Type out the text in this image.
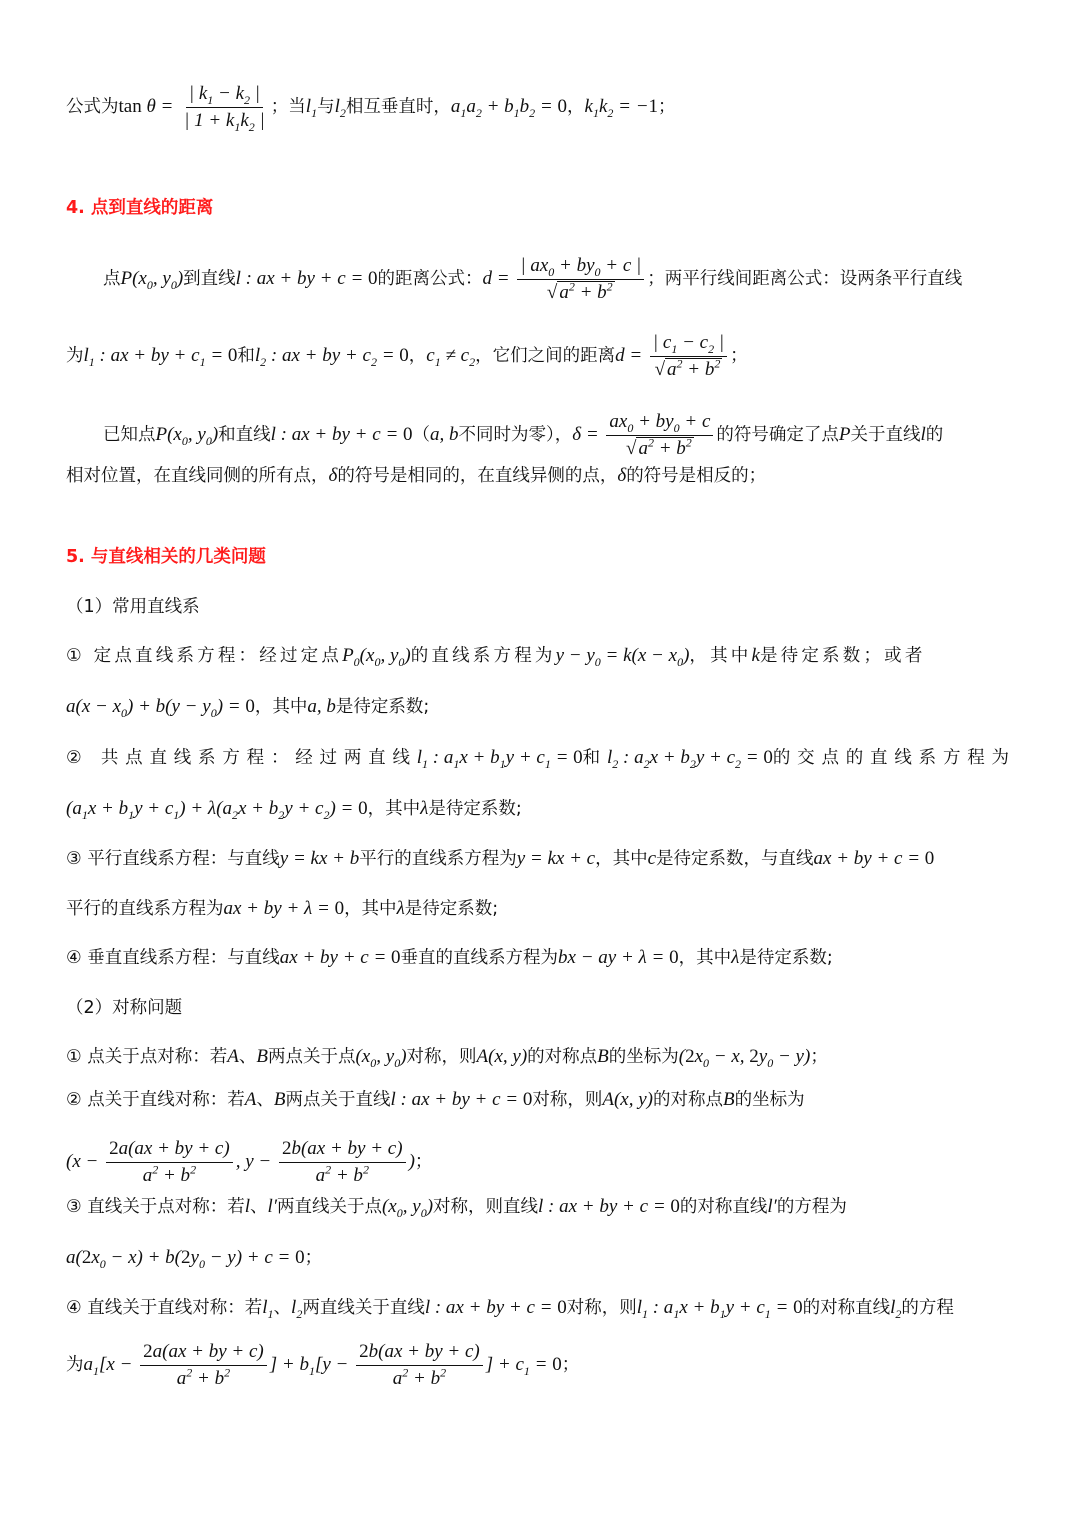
公式为$\tan \theta = \frac{| k_1 - k_2 |}{| 1 + k_1k_2 |}$ ；当$l_1$与$l_2$相互垂直时，$a_1a_2 + b_1b_2 = 0$，$k_1k_2 = -1$；
4. 点到直线的距离
点$P(x_0$, $y_0$)到直线l : ax + by + c = 0的距离公式：$d = \frac{| ax_0 + by_0 + c |}{√ a^2 + b^2}$ ；两平行线间距离公式：设两条平行直线
为$l_1$ : ax + by + $c_1 = 0$和$l_2$ : ax + by + $c_2 = 0$，$c_1 \ne c_2$，它们之间的距离$d = \frac{| c_1 - c_2 |}{√ a^2 + b^2}$ ；
已知点$P(x_0$, $y_0$)和直线l : ax + by + c = 0（a, b不同时为零），$\delta = \frac{ax_0 + by_0 + c}{√ a^2 + b^2}$ 的符号确定了点P关于直线l的
相对位置，在直线同侧的所有点，δ的符号是相同的，在直线异侧的点，δ的符号是相反的；
5. 与直线相关的几类问题
（1）常用直线系
① 定点直线系方程：经过定点$P_0(x_0$, $y_0$)的直线系方程为$y - y_0 = k(x - x_0)$，其中k是待定系数；或者
$a(x - x_0) + b(y - y_0) = 0$，其中a, b是待定系数;
② 共点直线系方程：经过两直线$l_1$ : $a_1x + b_1y + c_1 = 0$和$l_2$ : $a_2x + b_2y + c_2 = 0$的交点的直线系方程为
$(a_1x + b_1y + c_1) + \lambda(a_2x + b_2y + c_2) = 0$，其中λ是待定系数;
③ 平行直线系方程：与直线y = kx + b平行的直线系方程为y = kx + c，其中c是待定系数，与直线ax + by + c = 0
平行的直线系方程为ax + by + λ = 0，其中λ是待定系数;
④ 垂直直线系方程：与直线ax + by + c = 0垂直的直线系方程为bx − ay + λ = 0，其中λ是待定系数;
（2）对称问题
① 点关于点对称：若A、B两点关于点($x_0$, $y_0$)对称，则A(x, y)的对称点B的坐标为($2x_0 - x$, $2y_0 - y$)；
② 点关于直线对称：若A、B两点关于直线l : ax + by + c = 0对称，则A(x, y)的对称点B的坐标为
($x - \frac{2a(ax + by + c)}{a^2 + b^2}$ , $y - \frac{2b(ax + by + c)}{a^2 + b^2}$ )；
③ 直线关于点对称：若l、l′两直线关于点($x_0$, $y_0$)对称，则直线l : ax + by + c = 0的对称直线l′的方程为
$a(2x_0 - x) + b(2y_0 - y) + c = 0$；
④ 直线关于直线对称：若$l_1$、$l_2$两直线关于直线l : ax + by + c = 0对称，则$l_1$ : $a_1x + b_1y + c_1 = 0$的对称直线$l_2$的方程
为$a_1[x - \frac{2a(ax + by + c)}{a^2 + b^2}$ ] + $b_1[y - \frac{2b(ax + by + c)}{a^2 + b^2}$ ] + $c_1 = 0$；
